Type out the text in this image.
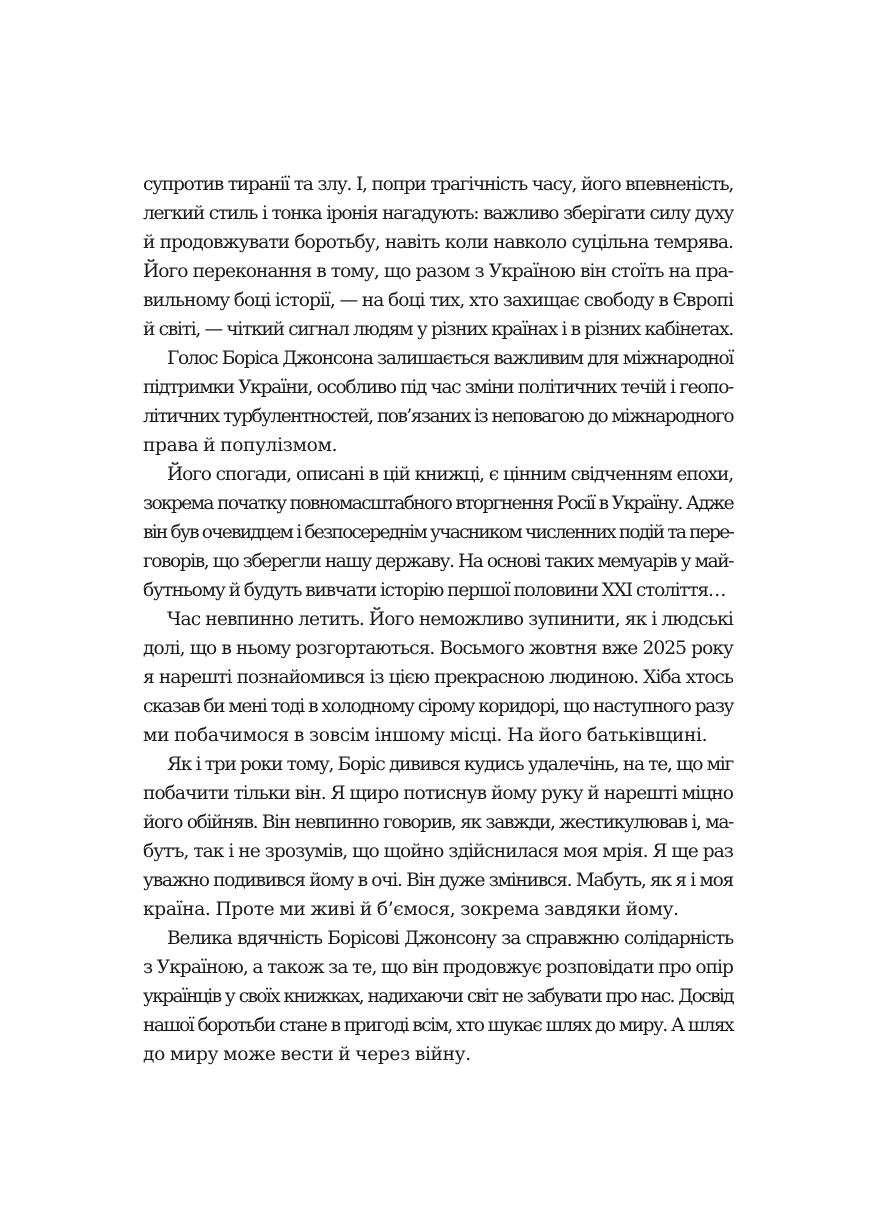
супротив тиранії та злу. І, попри трагічність часу, його впевненість,
легкий стиль і тонка іронія нагадують: важливо зберігати силу духу
й продовжувати боротьбу, навіть коли навколо суцільна темрява.
Його переконання в тому, що разом з Україною він стоїть на пра-
вильному боці історії, — на боці тих, хто захищає свободу в Європі
й світі, — чіткий сигнал людям у різних країнах і в різних кабінетах.
Голос Боріса Джонсона залишається важливим для міжнародної
підтримки України, особливо під час зміни політичних течій і геопо-
літичних турбулентностей, пов’язаних із неповагою до міжнародного
права й популізмом.
Його спогади, описані в цій книжці, є цінним свідченням епохи,
зокрема початку повномасштабного вторгнення Росії в Україну. Адже
він був очевидцем і безпосереднім учасником численних подій та пере-
говорів, що зберегли нашу державу. На основі таких мемуарів у май-
бутньому й будуть вивчати історію першої половини XXI століття…
Час невпинно летить. Його неможливо зупинити, як і людські
долі, що в ньому розгортаються. Восьмого жовтня вже 2025 року
я нарешті познайомився із цією прекрасною людиною. Хіба хтось
сказав би мені тоді в холодному сірому коридорі, що наступного разу
ми побачимося в зовсім іншому місці. На його батьківщині.
Як і три роки тому, Боріс дивився кудись удалечінь, на те, що міг
побачити тільки він. Я щиро потиснув йому руку й нарешті міцно
його обійняв. Він невпинно говорив, як завжди, жестикулював і, ма-
бутъ, так і не зрозумів, що щойно здійснилася моя мрія. Я ще раз
уважно подивився йому в очі. Він дуже змінився. Мабуть, як я і моя
країна. Проте ми живі й б’ємося, зокрема завдяки йому.
Велика вдячність Борісові Джонсону за справжню солідарність
з Україною, а також за те, що він продовжує розповідати про опір
українців у своїх книжках, надихаючи світ не забувати про нас. Досвід
нашої боротьби стане в пригоді всім, хто шукає шлях до миру. А шлях
до миру може вести й через війну.
